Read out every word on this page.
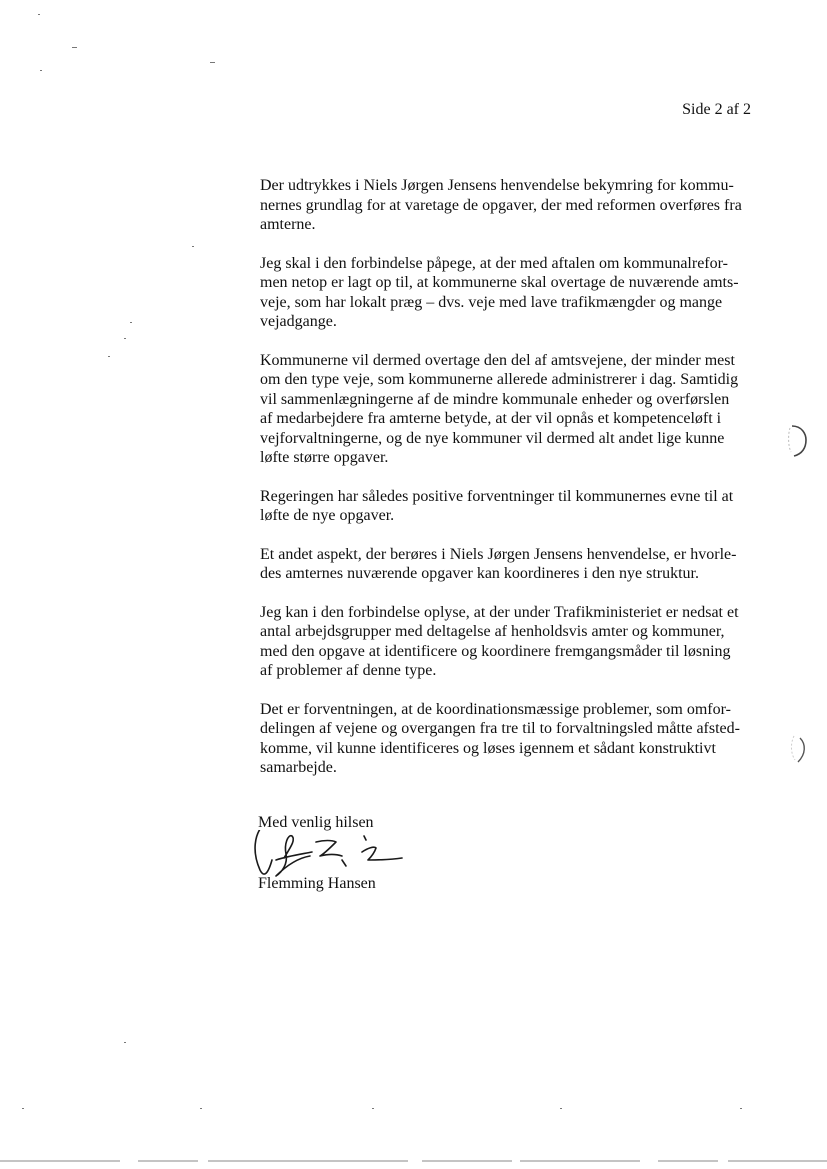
Side 2 af 2

Der udtrykkes i Niels Jørgen Jensens henvendelse bekymring for kommu-
nernes grundlag for at varetage de opgaver, der med reformen overføres fra
amterne.

Jeg skal i den forbindelse påpege, at der med aftalen om kommunalrefor-
men netop er lagt op til, at kommunerne skal overtage de nuværende amts-
veje, som har lokalt præg – dvs. veje med lave trafikmængder og mange
vejadgange.

Kommunerne vil dermed overtage den del af amtsvejene, der minder mest
om den type veje, som kommunerne allerede administrerer i dag. Samtidig
vil sammenlægningerne af de mindre kommunale enheder og overførslen
af medarbejdere fra amterne betyde, at der vil opnås et kompetenceløft i
vejforvaltningerne, og de nye kommuner vil dermed alt andet lige kunne
løfte større opgaver.

Regeringen har således positive forventninger til kommunernes evne til at
løfte de nye opgaver.

Et andet aspekt, der berøres i Niels Jørgen Jensens henvendelse, er hvorle-
des amternes nuværende opgaver kan koordineres i den nye struktur.

Jeg kan i den forbindelse oplyse, at der under Trafikministeriet er nedsat et
antal arbejdsgrupper med deltagelse af henholdsvis amter og kommuner,
med den opgave at identificere og koordinere fremgangsmåder til løsning
af problemer af denne type.

Det er forventningen, at de koordinationsmæssige problemer, som omfor-
delingen af vejene og overgangen fra tre til to forvaltningsled måtte afsted-
komme, vil kunne identificeres og løses igennem et sådant konstruktivt
samarbejde.

Med venlig hilsen
Flemming Hansen
